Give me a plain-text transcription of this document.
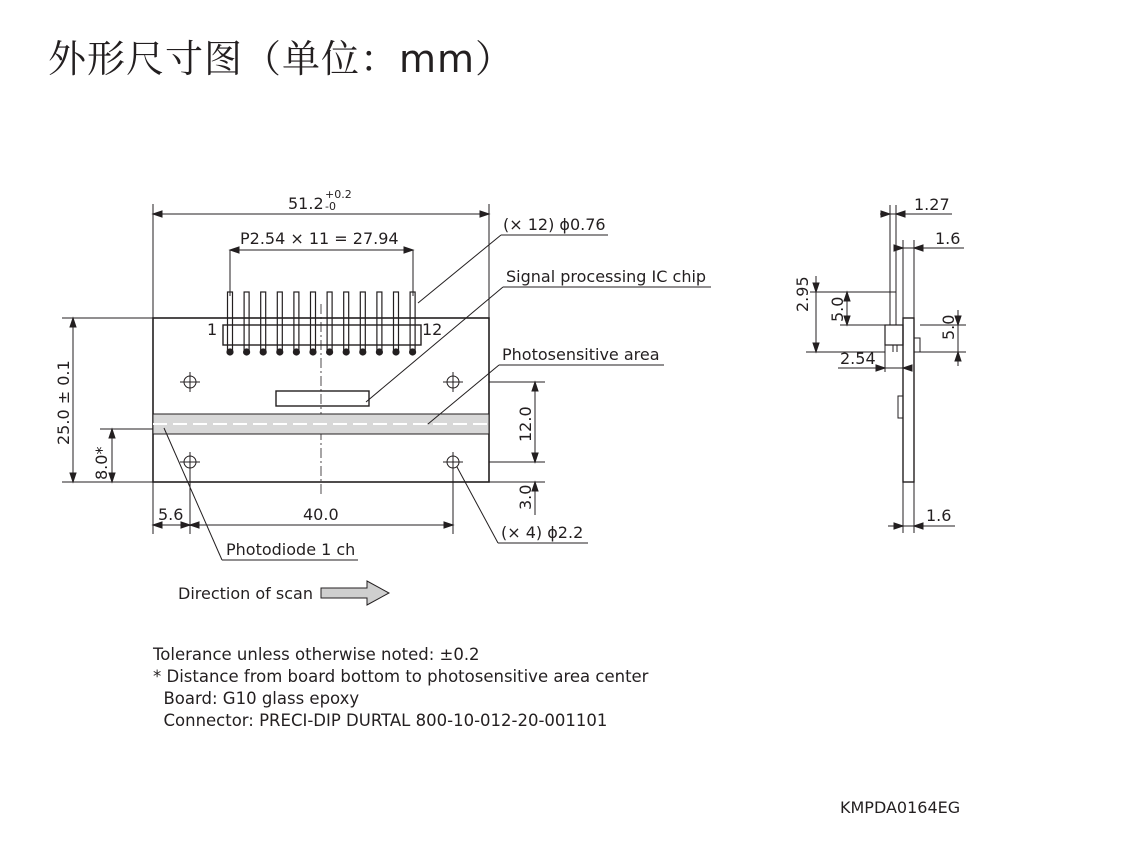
外形尺寸图（单位：mm）
51.2 +0.2
-0
P2.54 × 11 = 27.94
1	12
(× 12) ϕ0.76
Signal processing IC chip
Photosensitive area
Photodiode 1 ch
(× 4) ϕ2.2
25.0 ± 0.1
8.0*
12.0
3.0
5.6	40.0
Direction of scan
1.27
1.6
2.95 5.0
5.0
2.54
1.6
Tolerance unless otherwise noted: ±0.2
* Distance from board bottom to photosensitive area center
Board: G10 glass epoxy
Connector: PRECI-DIP DURTAL 800-10-012-20-001101
KMPDA0164EG
